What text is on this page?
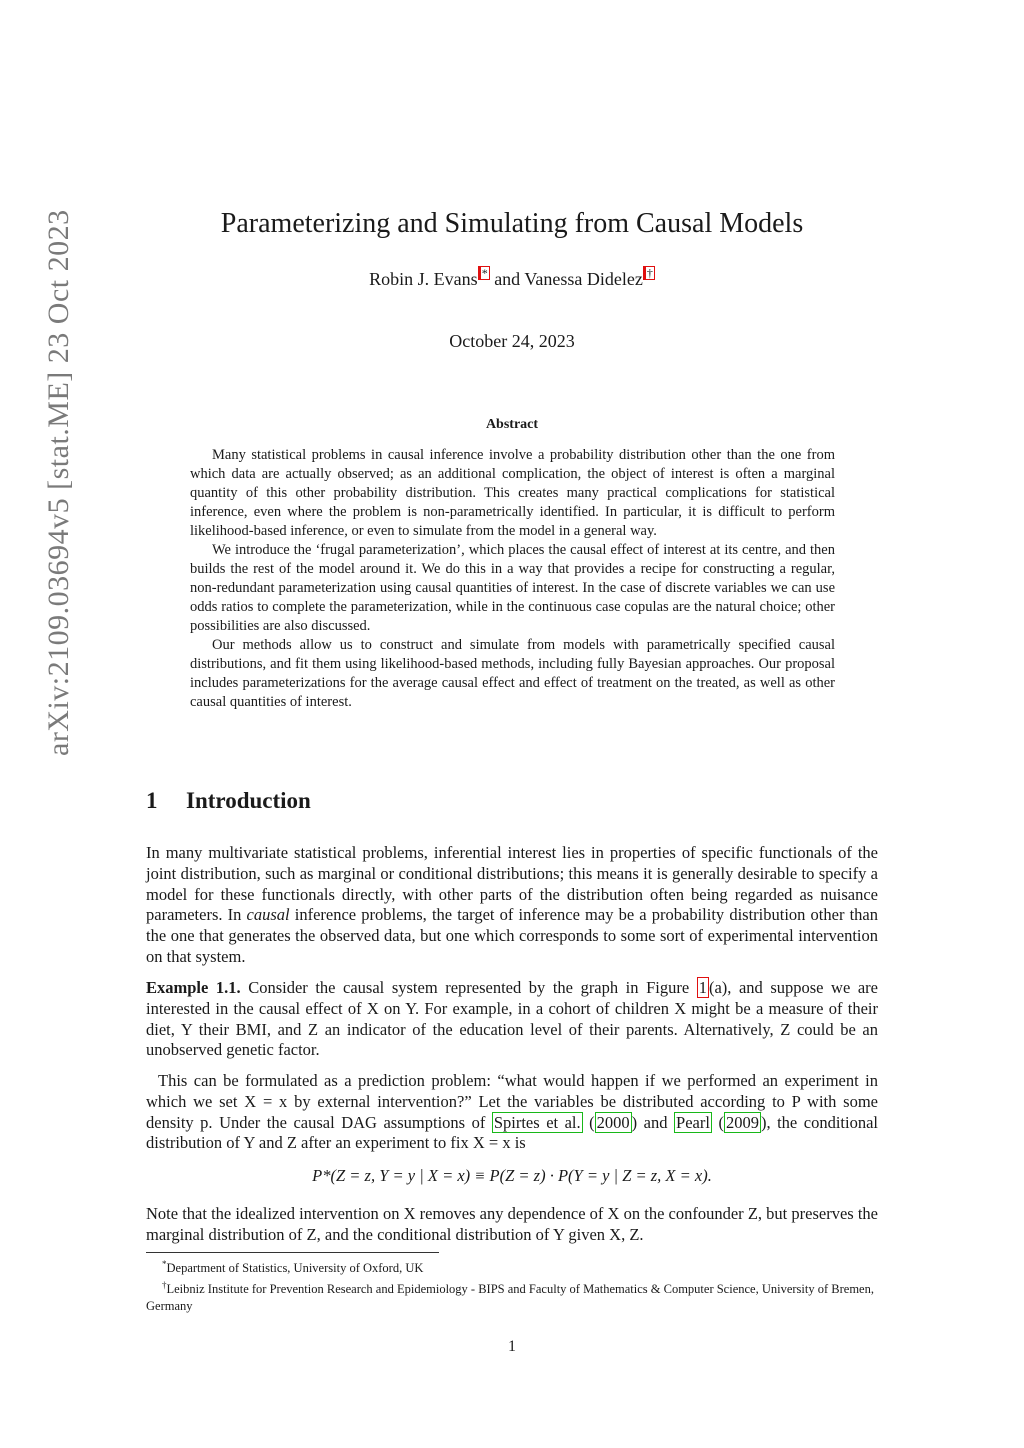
arXiv:2109.03694v5 [stat.ME] 23 Oct 2023	Parameterizing and Simulating from Causal Models
Robin J. Evans * and Vanessa Didelez †
October 24, 2023
Abstract

Many statistical problems in causal inference involve a probability distribution other than the one from which data are actually observed; as an additional complication, the object of interest is often a marginal quantity of this other probability distribution. This creates many practical complications for statistical inference, even where the problem is non-parametrically identified. In particular, it is difficult to perform likelihood-based inference, or even to simulate from the model in a general way.

We introduce the ‘frugal parameterization’, which places the causal effect of interest at its centre, and then builds the rest of the model around it. We do this in a way that provides a recipe for constructing a regular, non-redundant parameterization using causal quantities of interest. In the case of discrete variables we can use odds ratios to complete the parameterization, while in the continuous case copulas are the natural choice; other possibilities are also discussed.

Our methods allow us to construct and simulate from models with parametrically specified causal distributions, and fit them using likelihood-based methods, including fully Bayesian approaches. Our proposal includes parameterizations for the average causal effect and effect of treatment on the treated, as well as other causal quantities of interest.

1 Introduction

In many multivariate statistical problems, inferential interest lies in properties of specific functionals of the joint distribution, such as marginal or conditional distributions; this means it is generally desirable to specify a model for these functionals directly, with other parts of the distribution often being regarded as nuisance parameters. In causal inference problems, the target of inference may be a probability distribution other than the one that generates the observed data, but one which corresponds to some sort of experimental intervention on that system.

Example 1.1. Consider the causal system represented by the graph in Figure 1 (a), and suppose we are interested in the causal effect of X on Y. For example, in a cohort of children X might be a measure of their diet, Y their BMI, and Z an indicator of the education level of their parents. Alternatively, Z could be an unobserved genetic factor.

This can be formulated as a prediction problem: “what would happen if we performed an experiment in which we set X = x by external intervention?” Let the variables be distributed according to P with some density p. Under the causal DAG assumptions of Spirtes et al. ( 2000 ) and Pearl ( 2009 ), the conditional distribution of Y and Z after an experiment to fix X = x is

P*(Z = z, Y = y | X = x) ≡ P(Z = z) · P(Y = y | Z = z, X = x).

Note that the idealized intervention on X removes any dependence of X on the confounder Z, but preserves the marginal distribution of Z, and the conditional distribution of Y given X, Z.

*Department of Statistics, University of Oxford, UK

†Leibniz Institute for Prevention Research and Epidemiology - BIPS and Faculty of Mathematics & Computer Science, University of Bremen, Germany

1
